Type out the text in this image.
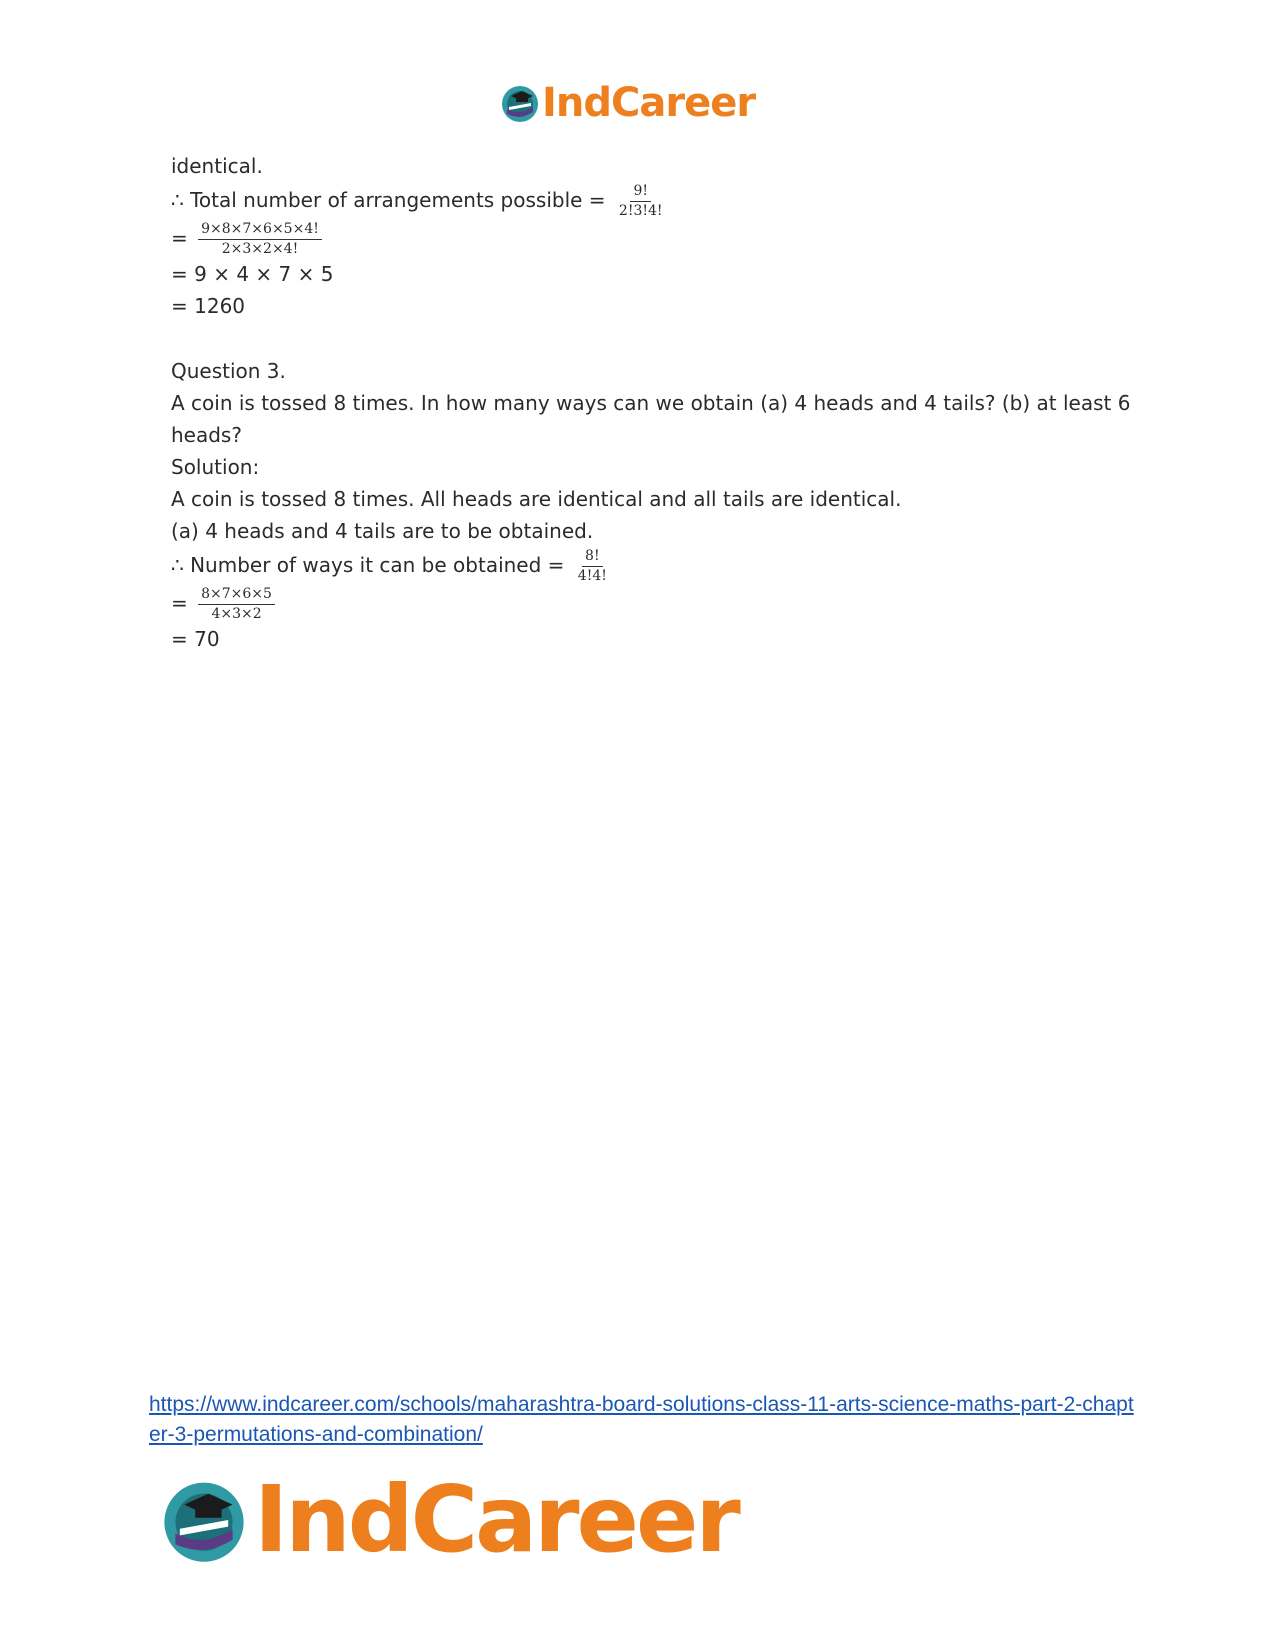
IndCareer
identical.
∴ Total number of arrangements possible = $\frac{9!}{2!3!4!}$
= $\frac{9\times 8\times 7\times 6\times 5\times 4!}{2\times 3\times 2\times 4!}$
= 9 × 4 × 7 × 5
= 1260
Question 3.
A coin is tossed 8 times. In how many ways can we obtain (a) 4 heads and 4 tails? (b) at least 6
heads?
Solution:
A coin is tossed 8 times. All heads are identical and all tails are identical.
(a) 4 heads and 4 tails are to be obtained.
∴ Number of ways it can be obtained = $\frac{8!}{4!4!}$
= $\frac{8\times 7\times 6\times 5}{4\times 3\times 2}$
= 70
https://www.indcareer.com/schools/maharashtra-board-solutions-class-11-arts-science-maths-part-2-chapter-3-permutations-and-combination/
IndCareer
